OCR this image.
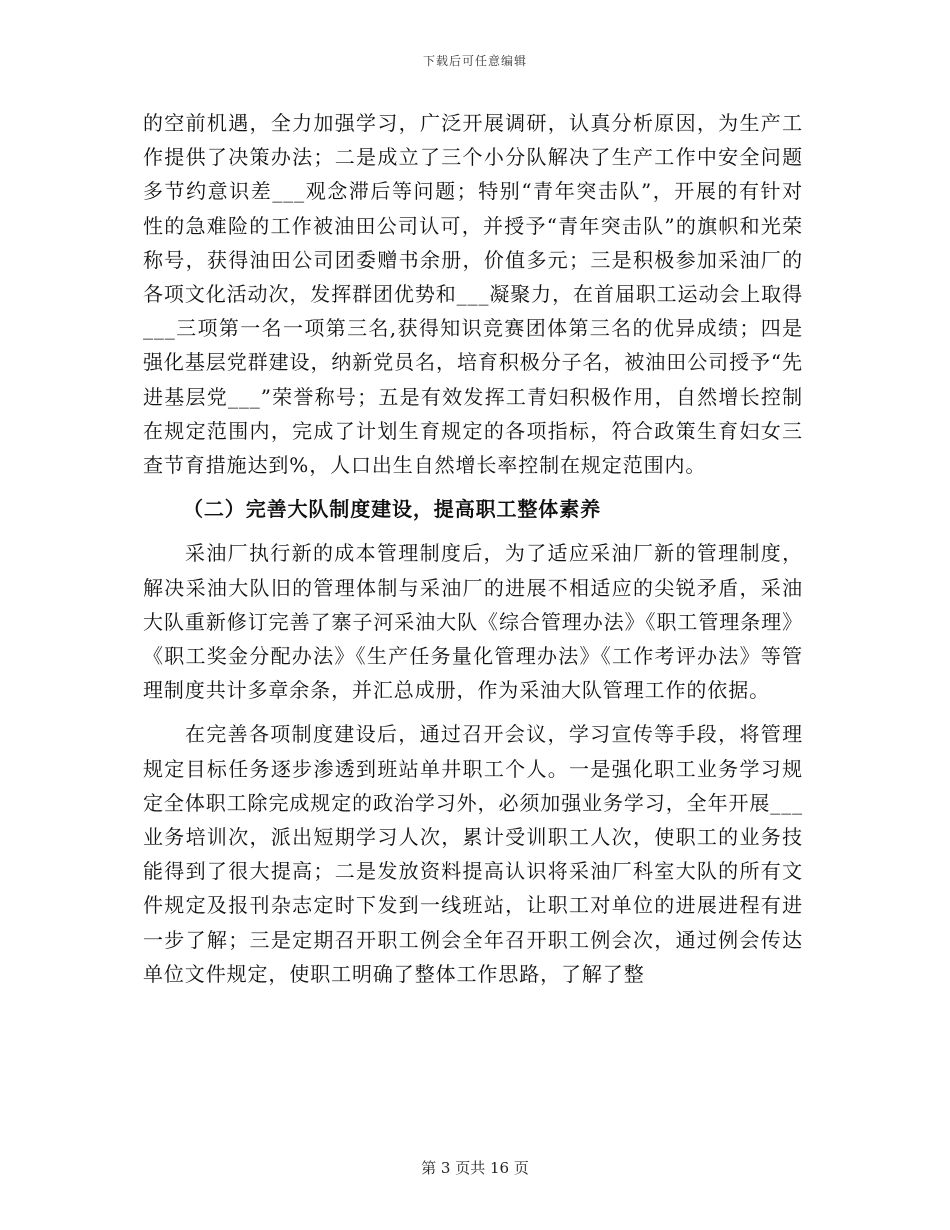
下载后可任意编辑

的空前机遇，全力加强学习，广泛开展调研，认真分析原因，为生产工作提供了决策办法；二是成立了三个小分队解决了生产工作中安全问题多节约意识差___观念滞后等问题；特别“青年突击队”，开展的有针对性的急难险的工作被油田公司认可，并授予“青年突击队”的旗帜和光荣称号，获得油田公司团委赠书余册，价值多元；三是积极参加采油厂的各项文化活动次，发挥群团优势和___凝聚力，在首届职工运动会上取得___三项第一名一项第三名,获得知识竞赛团体第三名的优异成绩；四是强化基层党群建设，纳新党员名，培育积极分子名，被油田公司授予“先进基层党___”荣誉称号；五是有效发挥工青妇积极作用，自然增长控制在规定范围内，完成了计划生育规定的各项指标，符合政策生育妇女三查节育措施达到%，人口出生自然增长率控制在规定范围内。

（二）完善大队制度建设，提高职工整体素养

采油厂执行新的成本管理制度后，为了适应采油厂新的管理制度，解决采油大队旧的管理体制与采油厂的进展不相适应的尖锐矛盾，采油大队重新修订完善了寨子河采油大队《综合管理办法》《职工管理条理》《职工奖金分配办法》《生产任务量化管理办法》《工作考评办法》等管理制度共计多章余条，并汇总成册，作为采油大队管理工作的依据。

在完善各项制度建设后，通过召开会议，学习宣传等手段，将管理规定目标任务逐步渗透到班站单井职工个人。一是强化职工业务学习规定全体职工除完成规定的政治学习外，必须加强业务学习，全年开展___业务培训次，派出短期学习人次，累计受训职工人次，使职工的业务技能得到了很大提高；二是发放资料提高认识将采油厂科室大队的所有文件规定及报刊杂志定时下发到一线班站，让职工对单位的进展进程有进一步了解；三是定期召开职工例会全年召开职工例会次，通过例会传达单位文件规定，使职工明确了整体工作思路，了解了整

第 3 页共 16 页
